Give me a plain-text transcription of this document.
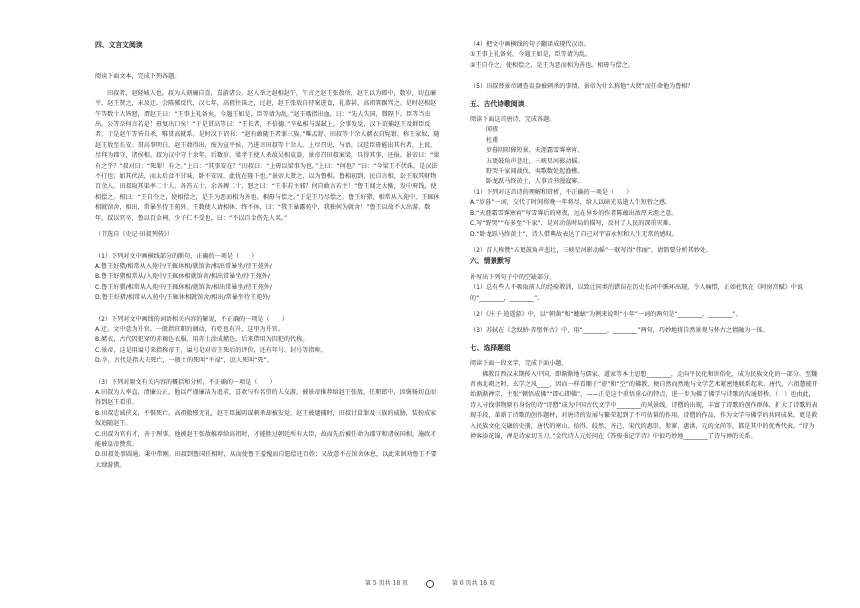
四、文言文阅读

阅读下面文本，完成下列各题。

田叔者，赵陉城人也。叔为人刻廉自喜，喜游诸公。赵人举之赵相赵午，午言之赵王张敖所，赵王以为郎中，数岁，切直廉平，赵王贤之，未及迁。会陈豨反代，汉七年，高祖往诛之，过赵，赵王张敖自持案进食，礼恭甚，高祖箕踞骂之。是时赵相赵午等数十人皆怒，谓赵王曰：“王事上礼备矣，今遇王如是，臣等请为乱。”赵王啮指出血，曰：“先人失国，微陛下，臣等当虫出。公等奈何言若是！毋复出口矣！”于是贯高等曰：“王长者，不倍德。”卒私相与谋弑上。会事发觉，汉下诏捕赵王及群臣反者，于是赵午等皆自杀，唯贯高就系。是时汉下诏书：“赵有敢随王者罪三族。”唯孟舒、田叔等十余人赭衣自髡钳，称王家奴，随赵王敖至长安。贯高事明白，赵王敖得出，废为宣平侯，乃进言田叔等十余人。上尽召见，与语，汉廷臣毋能出其右者，上说，尽拜为郡守、诸侯相。叔为汉中守十余年。后数岁，梁孝王使人杀故吴相袁盎，景帝召田叔案梁，具得其事，还报。景帝曰：“梁有之乎？”叔对曰：“死罪！有之。”上曰：“其事安在？”田叔曰：“上毋以梁事为也。”上曰：“何也？”曰：“今梁王不伏诛，是汉法不行也；如其伏法，而太后食不甘味，卧不安席，此忧在陛下也。”景帝大贤之，以为鲁相。鲁相初到，民自言相，讼王取其财物百余人。田叔取其渠率二十人，各笞五十，余各搏二十，怒之曰：“王非若主邪？何自敢言若主！”鲁王闻之大惭，发中府钱，使相偿之。相曰：“王自夺之，使相偿之，是王为恶而相为善也。相毋与偿之。”于是王乃尽偿之。鲁王好猎，相常从入苑中，王辄休相就馆舍，相出，常暴坐待王苑外。王数使人请相休，终不休，曰：“我王暴露苑中，我独何为就舍！”鲁王以故不大出游。数年，叔以官卒，鲁以百金祠，少子仁不受也，曰：“不以百金伤先人名。”

（节选自《史记·田叔列传》）

（1）下列对文中画横线部分的断句，正确的一项是（　　）

A.鲁王好猎/相常从入苑中/王辄休相/就馆舍/相出常暴坐/待王苑外/

B.鲁王好猎相常从/入苑中/王辄休相就馆舍/相出常暴坐/待王苑外/

C.鲁王好猎/相常从入苑中/王辄休相/就馆舍/相出常暴坐/待王苑外/

D.鲁王好猎/相常从入苑中/王辄休相就馆舍/相出/常暴坐待王苑外/

（2）下列对文中画线的词语相关内容的解说，不正确的一项是（　　）

A.迁，文中意为升官。一般指官职的调动，有贬也有升，这里为升官。

B.赭衣，古代囚犯穿的赤褐色衣服，用赤土涂成赭色，后来借用为囚犯的代称。

C.景帝，这是用谥号来指称帝王，谥号是对帝王死后的评价，还有年号、封号等指称。

D.卒，古代是指大夫死亡，一般士的死叫“不禄”，庶人死叫“死”。

（3）下列对原文有关内容的概括和分析，不正确的一项是（　　）

A.田叔为人率直，清廉公正。他以严谨廉洁为追求，喜欢与有名望的人交游，被景帝推荐给赵王张敖，任职郎中，因褒扬切直而得到赵王看重。

B.田叔忠诚侠义，不惧死亡。高祖傲慢无礼，赵王臣属阴谋刺杀却被发觉，赵王被逮捕时，田叔甘冒罪及三族的威胁，装扮成家奴追随赵王。

C.田叔为官有才，善于理事。他被赵王张敖推荐给高祖时，才能胜过朝廷所有大臣，故而先后被任命为郡守和诸侯国相，施政才能被皇帝赞赏。

D.田叔处事圆通，秉中带刚。田叔到鲁国任相时，从而使鲁王羞愧而自愿偿还百姓；又故意不在馆舍休息，以此来讽劝鲁王不要大肆游猎。

（4）把文中画横线的句子翻译成现代汉语。

①王事上礼备矣，今遇王如是，臣等请为乱。

②王自夺之，使相偿之，是王为恶而相为善也。相毋与偿之。

（5）田叔替景帝调查袁盎被刺杀的事情，景帝为什么称他“大贤”而任命他为鲁相？

五、古代诗歌阅读

阅读下面这首唐诗，完成各题。

闻夜

杜甫

岁暮阴阳催短景，天涯霜雪霁寒宵。

五更鼓角声悲壮，三峡星河影动摇。

野哭千家闻战伐，夷歌数处起渔樵。

卧龙跃马终黄土，人事音书漫寂寥。

（1）下列对这首诗的理解和赏析，不正确的一项是（　　）

A.“岁暮”一词，交代了时间将晚一年将尽，给人以暗光易逝人生短暂之感。

B.“天涯霜雪霁寒宵”写雪霁后的寒夜，远在异乡的作者陈蕴出浓厚天涯之意。

C.写“野哭”“布多至“千家”，是对动荡时局的描写，反衬了人民的深重灾难。

D.“卧龙跃马终黄土”，诗人借典故表达了自己对宇宙永恒和人生无常的感叹。

（2）首人称赞“五更鼓角声悲壮，三峡星河影动摇”一联写得“伟丽”，请简要分析其妙处。

六、情景默写

补写出下列句子中的空缺部分。

（1）总有些人不吸取前人的经验教训，以致让同类的错误在历史长河中循环出现，令人痛惜，正如杜牧在《阿房宫赋》中说的“________，________”。

（2）《庄子·逍遥游》中，以“朝菌”和“蟪蛄”为例来说明“小年”一词的两句是“________，________”。

（3）苏轼在《念奴娇·赤壁怀古》中，用“________，________”两句，巧妙地将自然景观与怀古之情融为一体。

七、选择题组

阅读下面一段文字，完成下面小题。

佛教自西汉末期传入中国，即渐渐地与儒家、道家等本土思想________，走向平民化和世俗化，成为民族文化的一部分。至魏晋南北朝之时，玄学之风____，因而一样看顺于“虚”和“空”的佛教，便自然而然地与文学艺术紧密地联系起来。唐代，六祖慧能开始渐渐禅宗，主张“顿悟成佛”“即心即佛”，——正是这个重悟重心的特点，进一步为佛了佛学与诗歌的沟通搭桥。（　）也由此，诗人寻找事物原有身份的诗“诗僧”成为中国古代文学中________的风景线。诗僧的出现，丰富了诗歌的创作群体，扩大了诗歌的表现手段，革新了诗歌的创作题材，对唐诗的发展与繁荣起到了不可估量的作用。诗僧的作品，作为文学与佛学的共同成果，更是救入民族文化交融的史册，唐代的寒山、拾得、皎然、齐己，宋代的惠崇、参寥、惠洪，元的文尚等，都是其中的优秀代表。“诗为禅客添花锦，禅是诗家切玉刀。”金代诗人元好问在《答俊书记学诗》中很巧妙地________了诗与禅的关系。

第 5 页共 18 页	第 6 页共 18 页
